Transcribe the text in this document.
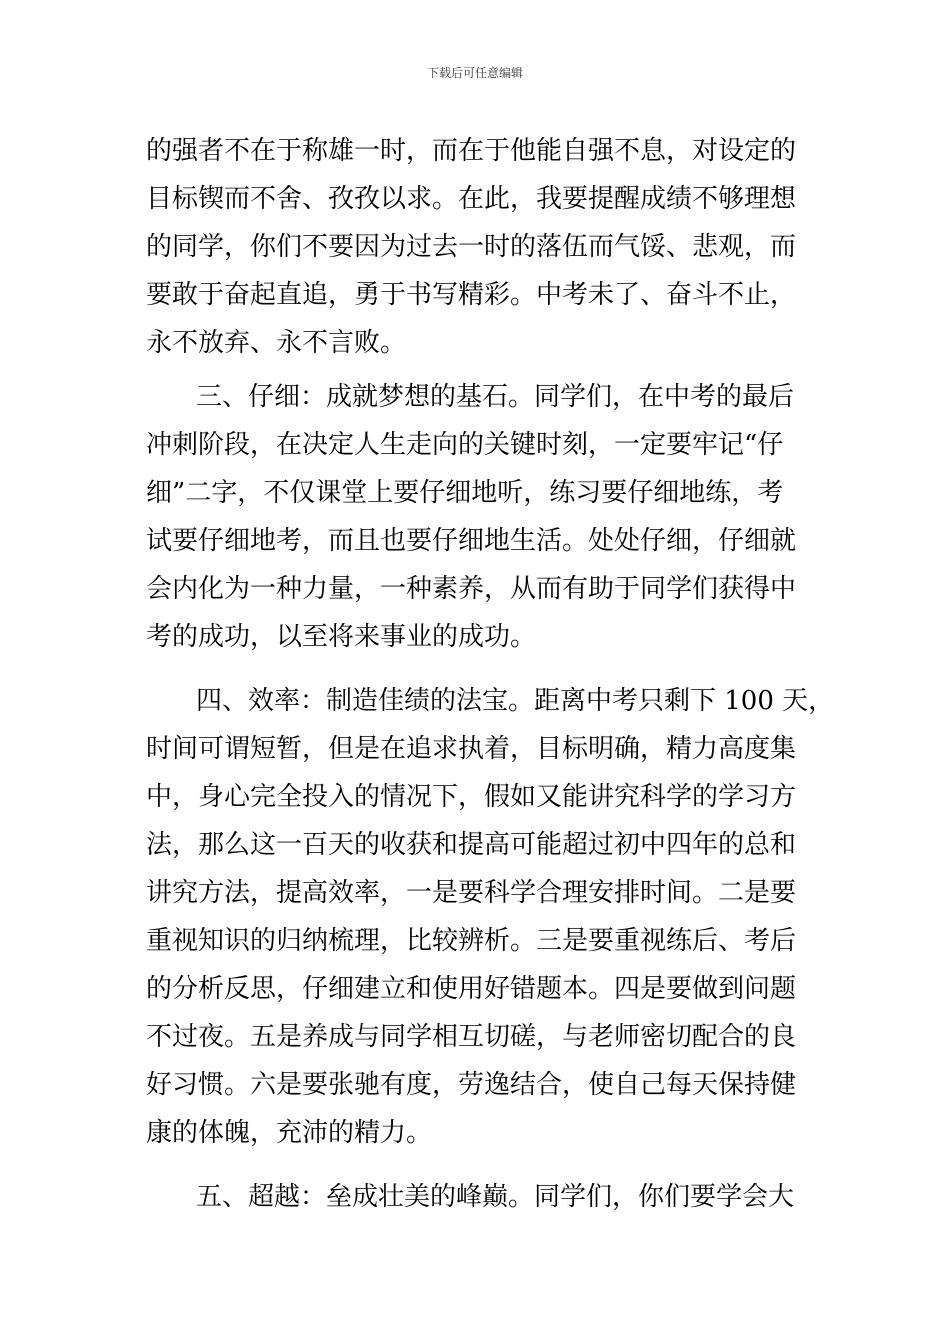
下载后可任意编辑
的强者不在于称雄一时，而在于他能自强不息，对设定的
目标锲而不舍、孜孜以求。在此，我要提醒成绩不够理想
的同学，你们不要因为过去一时的落伍而气馁、悲观，而
要敢于奋起直追，勇于书写精彩。中考未了、奋斗不止，
永不放弃、永不言败。
三、仔细：成就梦想的基石。同学们，在中考的最后
冲刺阶段，在决定人生走向的关键时刻，一定要牢记“仔
细”二字，不仅课堂上要仔细地听，练习要仔细地练，考
试要仔细地考，而且也要仔细地生活。处处仔细，仔细就
会内化为一种力量，一种素养，从而有助于同学们获得中
考的成功，以至将来事业的成功。
四、效率：制造佳绩的法宝。距离中考只剩下 100 天，
时间可谓短暂，但是在追求执着，目标明确，精力高度集
中，身心完全投入的情况下，假如又能讲究科学的学习方
法，那么这一百天的收获和提高可能超过初中四年的总和
讲究方法，提高效率，一是要科学合理安排时间。二是要
重视知识的归纳梳理，比较辨析。三是要重视练后、考后
的分析反思，仔细建立和使用好错题本。四是要做到问题
不过夜。五是养成与同学相互切磋，与老师密切配合的良
好习惯。六是要张驰有度，劳逸结合，使自己每天保持健
康的体魄，充沛的精力。
五、超越：垒成壮美的峰巅。同学们，你们要学会大
